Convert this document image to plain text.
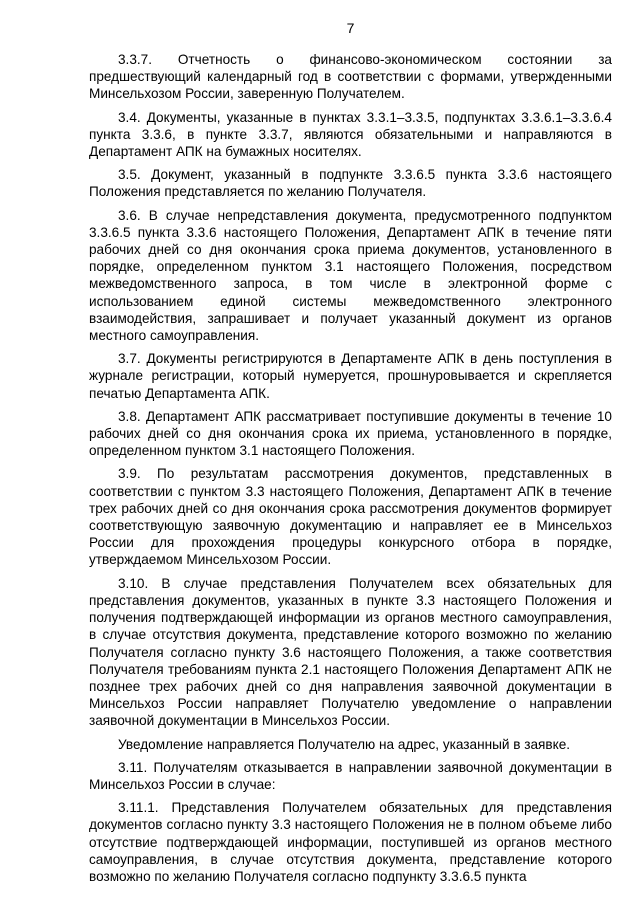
7

3.3.7. Отчетность о финансово-экономическом состоянии за предшествующий календарный год в соответствии с формами, утвержденными Минсельхозом России, заверенную Получателем.

3.4. Документы, указанные в пунктах 3.3.1–3.3.5, подпунктах 3.3.6.1–3.3.6.4 пункта 3.3.6, в пункте 3.3.7, являются обязательными и направляются в Департамент АПК на бумажных носителях.

3.5. Документ, указанный в подпункте 3.3.6.5 пункта 3.3.6 настоящего Положения представляется по желанию Получателя.

3.6. В случае непредставления документа, предусмотренного подпунктом 3.3.6.5 пункта 3.3.6 настоящего Положения, Департамент АПК в течение пяти рабочих дней со дня окончания срока приема документов, установленного в порядке, определенном пунктом 3.1 настоящего Положения, посредством межведомственного запроса, в том числе в электронной форме с использованием единой системы межведомственного электронного взаимодействия, запрашивает и получает указанный документ из органов местного самоуправления.

3.7. Документы регистрируются в Департаменте АПК в день поступления в журнале регистрации, который нумеруется, прошнуровывается и скрепляется печатью Департамента АПК.

3.8. Департамент АПК рассматривает поступившие документы в течение 10 рабочих дней со дня окончания срока их приема, установленного в порядке, определенном пунктом 3.1 настоящего Положения.

3.9. По результатам рассмотрения документов, представленных в соответствии с пунктом 3.3 настоящего Положения, Департамент АПК в течение трех рабочих дней со дня окончания срока рассмотрения документов формирует соответствующую заявочную документацию и направляет ее в Минсельхоз России для прохождения процедуры конкурсного отбора в порядке, утверждаемом Минсельхозом России.

3.10. В случае представления Получателем всех обязательных для представления документов, указанных в пункте 3.3 настоящего Положения и получения подтверждающей информации из органов местного самоуправления, в случае отсутствия документа, представление которого возможно по желанию Получателя согласно пункту 3.6 настоящего Положения, а также соответствия Получателя требованиям пункта 2.1 настоящего Положения Департамент АПК не позднее трех рабочих дней со дня направления заявочной документации в Минсельхоз России направляет Получателю уведомление о направлении заявочной документации в Минсельхоз России.

Уведомление направляется Получателю на адрес, указанный в заявке.

3.11. Получателям отказывается в направлении заявочной документации в Минсельхоз России в случае:

3.11.1. Представления Получателем обязательных для представления документов согласно пункту 3.3 настоящего Положения не в полном объеме либо отсутствие подтверждающей информации, поступившей из органов местного самоуправления, в случае отсутствия документа, представление которого возможно по желанию Получателя согласно подпункту 3.3.6.5 пункта
